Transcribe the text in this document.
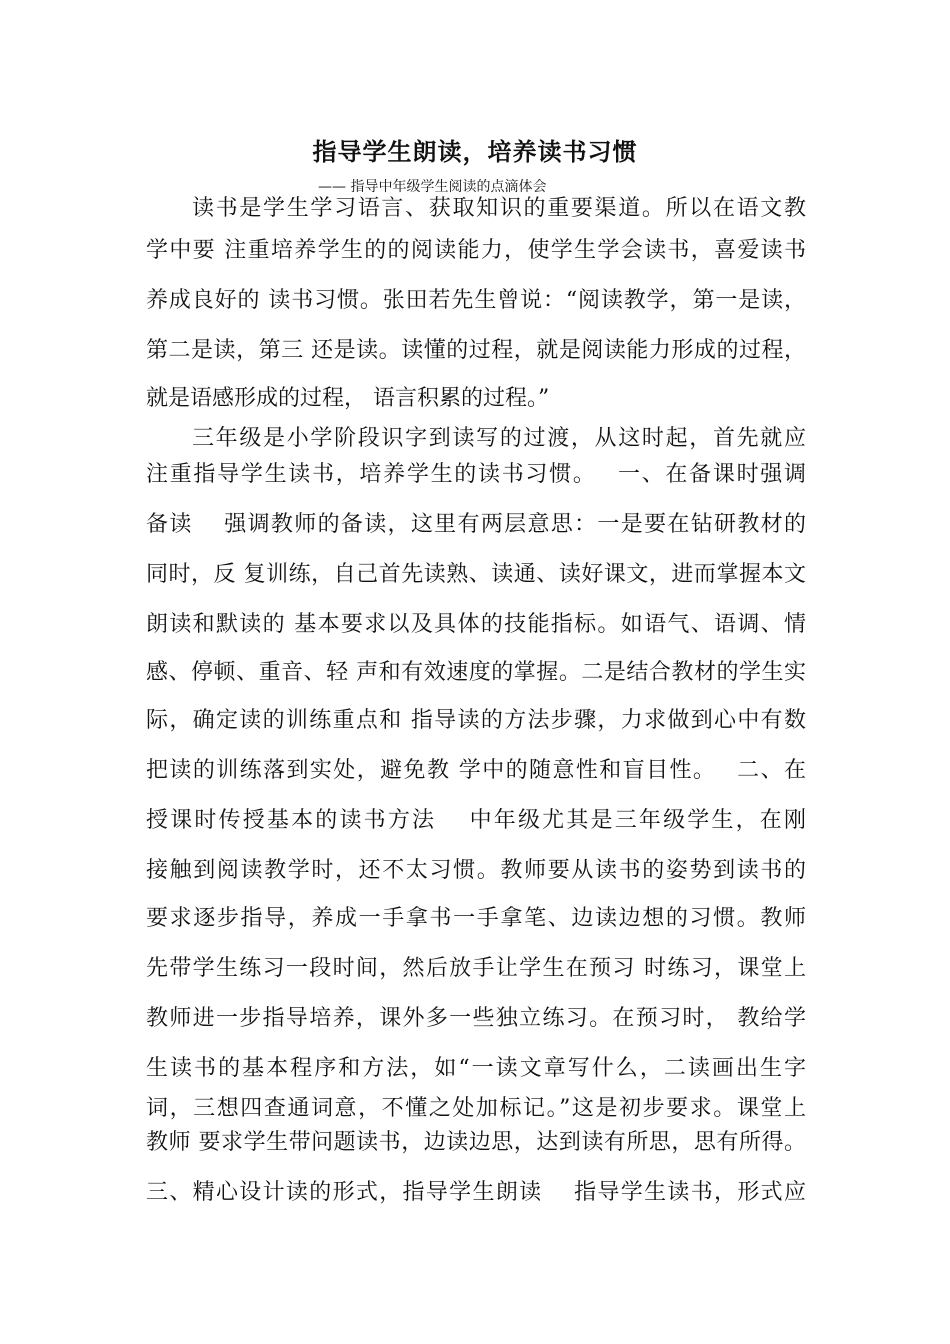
指导学生朗读，培养读书习惯
—— 指导中年级学生阅读的点滴体会
读书是学生学习语言、获取知识的重要渠道。所以在语文教
学中要 注重培养学生的的阅读能力，使学生学会读书，喜爱读书
养成良好的 读书习惯。张田若先生曾说：“阅读教学，第一是读，
第二是读，第三 还是读。读懂的过程，就是阅读能力形成的过程，
就是语感形成的过程， 语言积累的过程。”
三年级是小学阶段识字到读写的过渡，从这时起，首先就应
注重指导学生读书，培养学生的读书习惯。　 一、在备课时强调
备读　 强调教师的备读，这里有两层意思：一是要在钻研教材的
同时，反 复训练，自己首先读熟、读通、读好课文，进而掌握本文
朗读和默读的 基本要求以及具体的技能指标。如语气、语调、情
感、停顿、重音、轻 声和有效速度的掌握。二是结合教材的学生实
际，确定读的训练重点和 指导读的方法步骤，力求做到心中有数
把读的训练落到实处，避免教 学中的随意性和盲目性。　 二、在
授课时传授基本的读书方法　 中年级尤其是三年级学生，在刚
接触到阅读教学时，还不太习惯。教师要从读书的姿势到读书的
要求逐步指导，养成一手拿书一手拿笔、边读边想的习惯。教师
先带学生练习一段时间，然后放手让学生在预习 时练习，课堂上
教师进一步指导培养，课外多一些独立练习。在预习时， 教给学
生读书的基本程序和方法，如“一读文章写什么，二读画出生字
词，三想四查通词意，不懂之处加标记。”这是初步要求。课堂上
教师 要求学生带问题读书，边读边思，达到读有所思，思有所得。
三、精心设计读的形式，指导学生朗读　 指导学生读书，形式应
